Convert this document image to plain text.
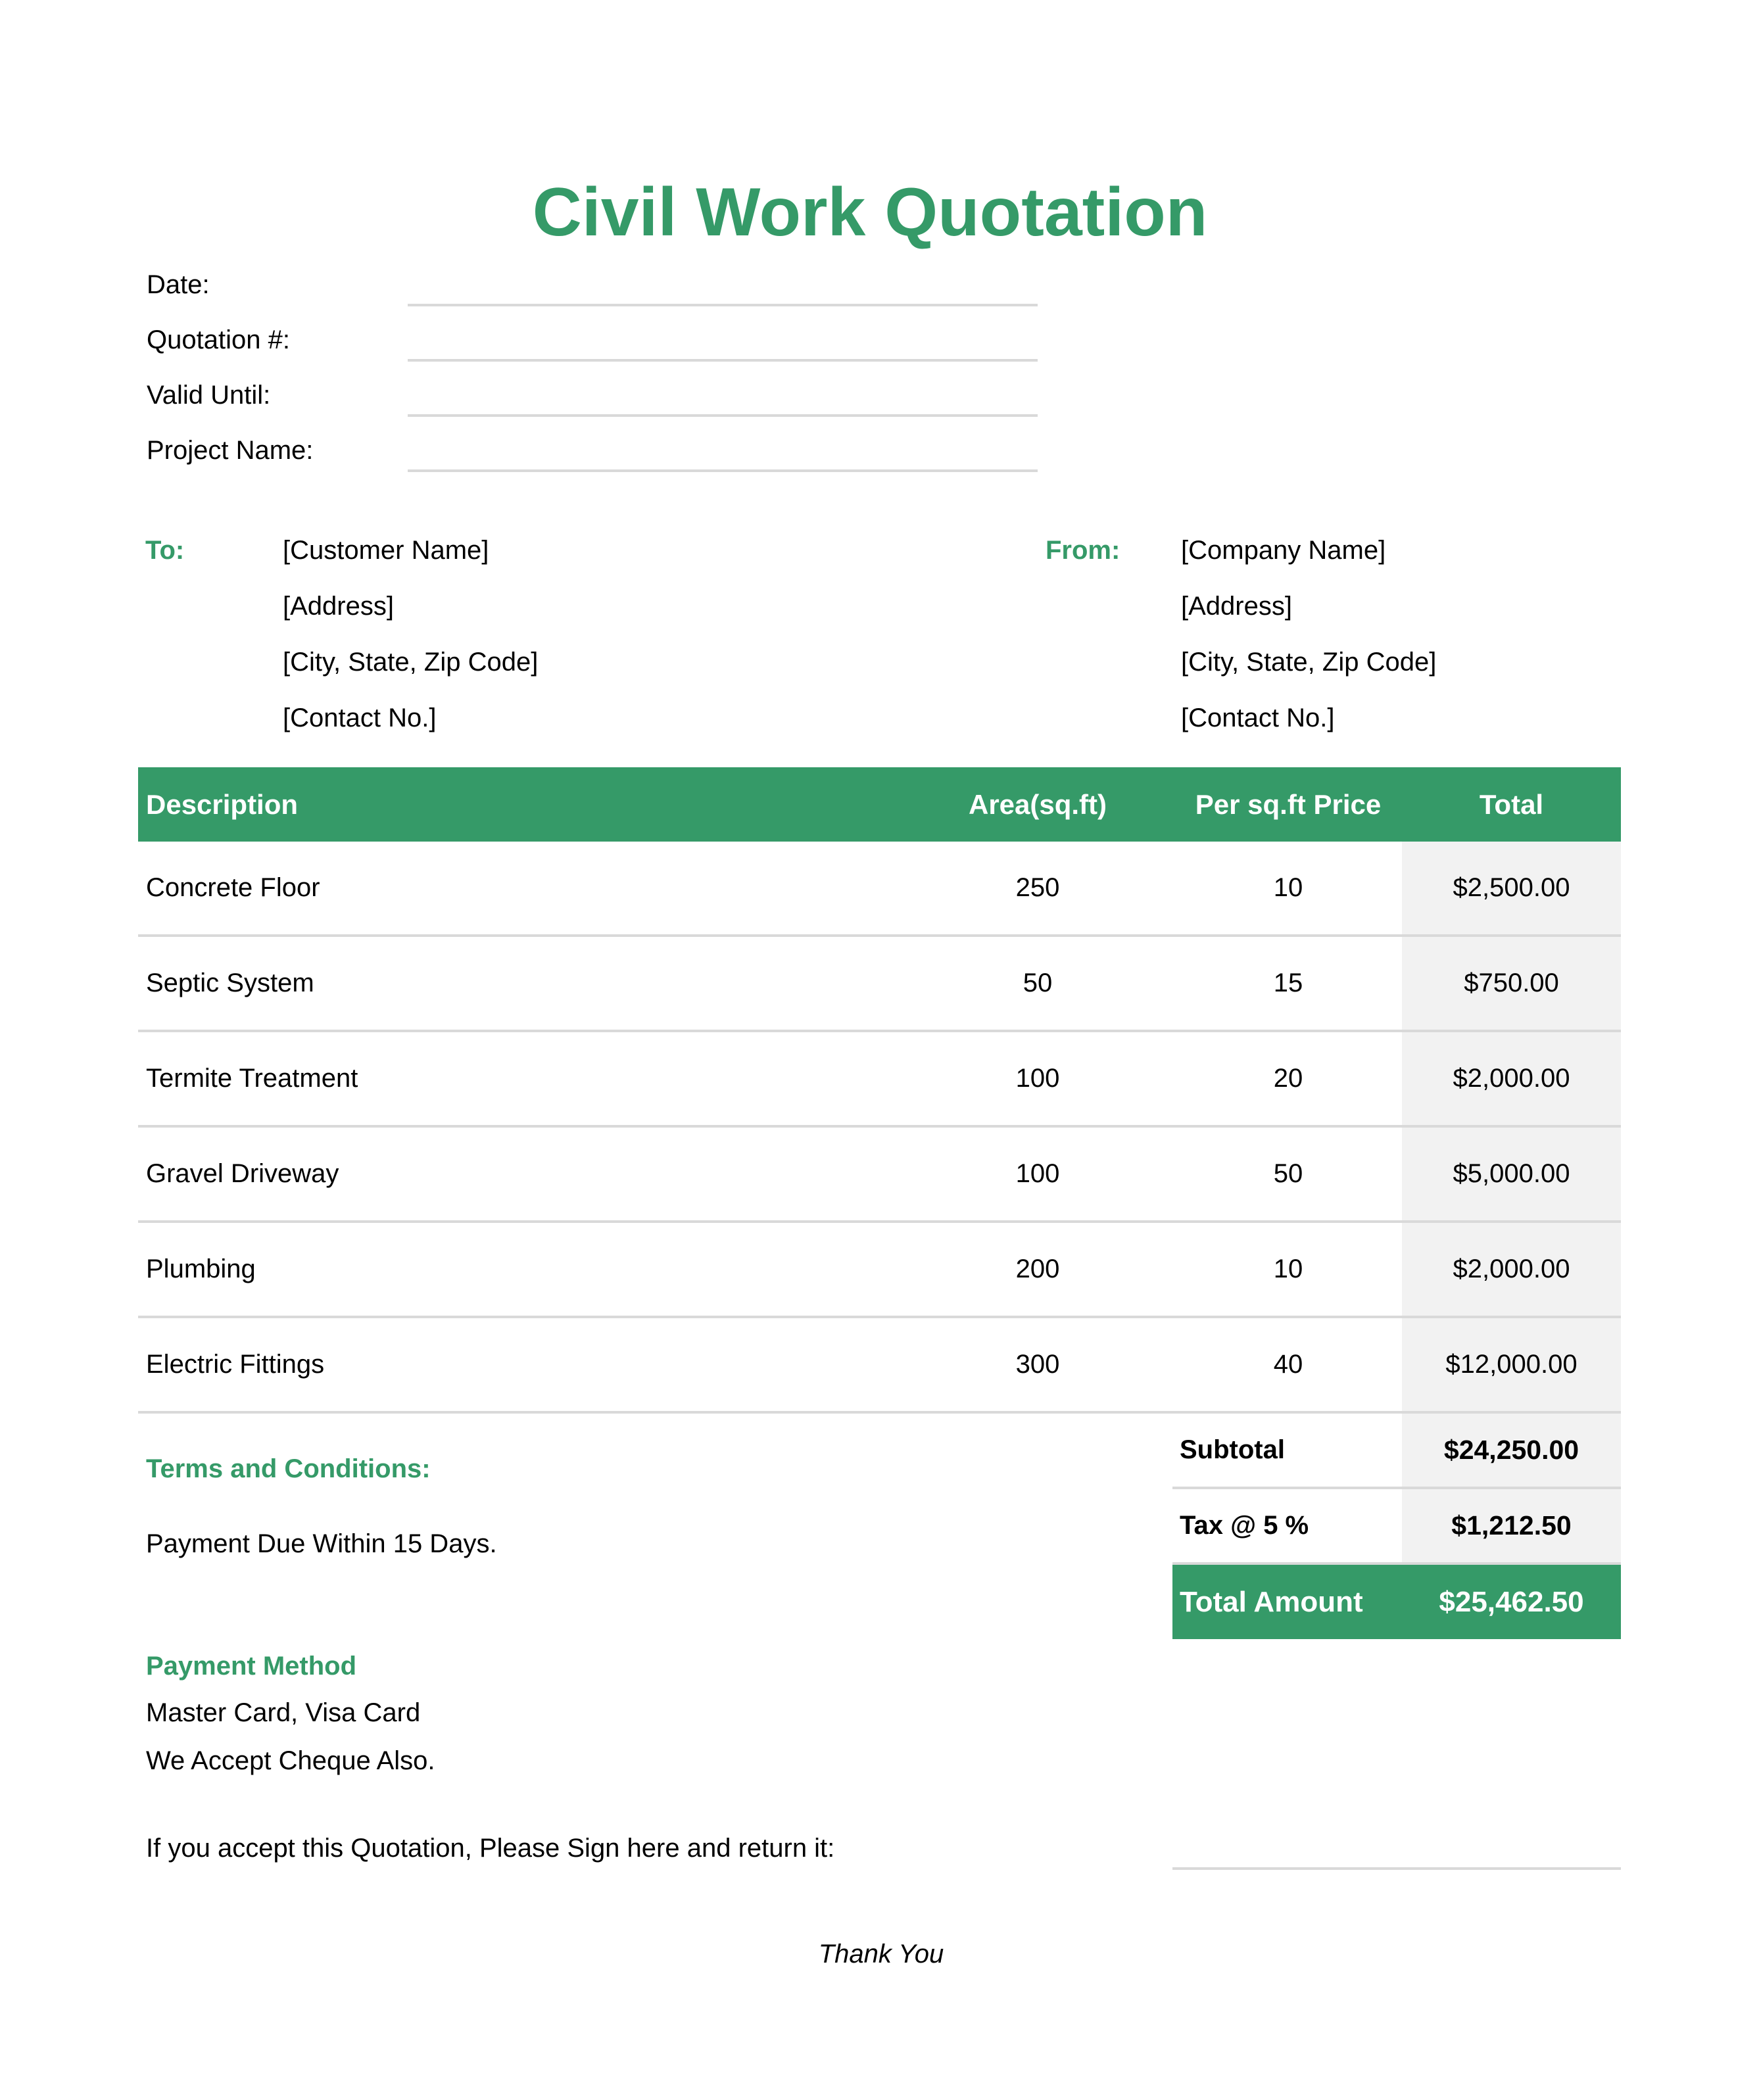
Civil Work Quotation
Date:
Quotation #:
Valid Until:
Project Name:
To:	[Customer Name]
[Address]
[City, State, Zip Code]
[Contact No.]
From: [Company Name]
[Address]
[City, State, Zip Code]
[Contact No.]
Description	Area(sq.ft)	Per sq.ft Price	Total
Concrete Floor	250	10	$2,500.00
Septic System	50	15	$750.00
Termite Treatment	100	20	$2,000.00
Gravel Driveway	100	50	$5,000.00
Plumbing	200	10	$2,000.00
Electric Fittings	300	40	$12,000.00
Subtotal	$24,250.00
Tax @ 5 %	$1,212.50
Total Amount	$25,462.50
Terms and Conditions:
Payment Due Within 15 Days.
Payment Method
Master Card, Visa Card
We Accept Cheque Also.
If you accept this Quotation, Please Sign here and return it:
Thank You
